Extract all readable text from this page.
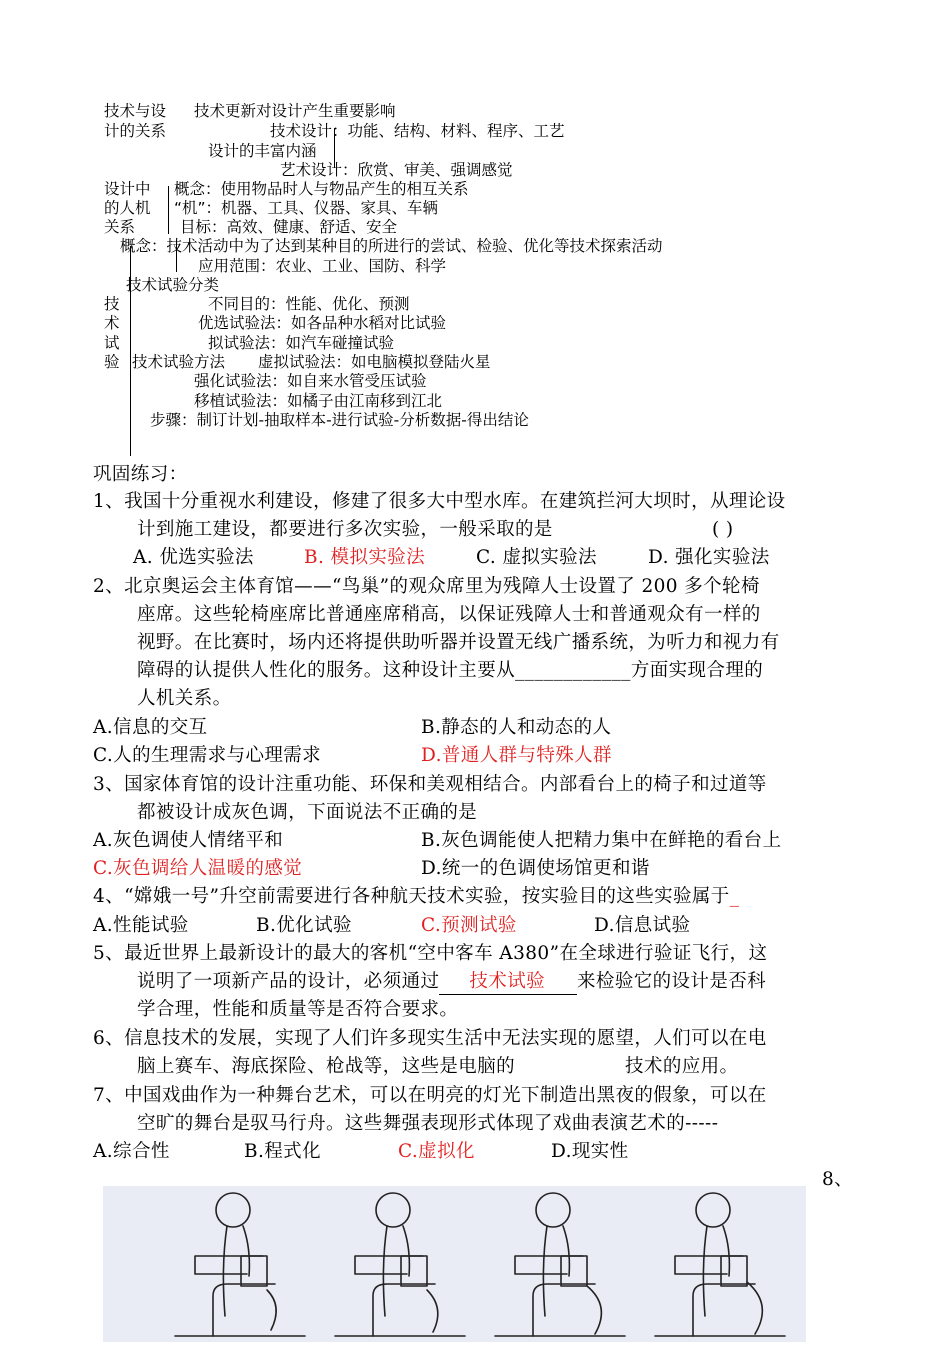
技术与设
计的关系
技术更新对设计产生重要影响
技术设计：功能、结构、材料、程序、工艺
设计的丰富内涵
艺术设计：欣赏、审美、强调感觉
设计中
的人机
关系
概念：使用物品时人与物品产生的相互关系
“机”：机器、工具、仪器、家具、车辆
目标：高效、健康、舒适、安全
概念：技术活动中为了达到某种目的所进行的尝试、检验、优化等技术探索活动
应用范围：农业、工业、国防、科学
技术试验分类
技
术
试
验
不同目的：性能、优化、预测
优选试验法：如各品种水稻对比试验
拟试验法：如汽车碰撞试验
技术试验方法 虚拟试验法：如电脑模拟登陆火星
强化试验法：如自来水管受压试验
移植试验法：如橘子由江南移到江北
步骤：制订计划-抽取样本-进行试验-分析数据-得出结论
巩固练习：
1、我国十分重视水利建设，修建了很多大中型水库。在建筑拦河大坝时，从理论设
计到施工建设，都要进行多次实验，一般采取的是	( )
A. 优选实验法	B. 模拟实验法	C. 虚拟实验法	D. 强化实验法
2、北京奥运会主体育馆——“鸟巢”的观众席里为残障人士设置了 200 多个轮椅
座席。这些轮椅座席比普通座席稍高，以保证残障人士和普通观众有一样的
视野。在比赛时，场内还将提供助听器并设置无线广播系统，为听力和视力有
障碍的认提供人性化的服务。这种设计主要从____________方面实现合理的
人机关系。
A.信息的交互	B.静态的人和动态的人
C.人的生理需求与心理需求	D.普通人群与特殊人群
3、国家体育馆的设计注重功能、环保和美观相结合。内部看台上的椅子和过道等
都被设计成灰色调，下面说法不正确的是
A.灰色调使人情绪平和	B.灰色调能使人把精力集中在鲜艳的看台上
C.灰色调给人温暖的感觉	D.统一的色调使场馆更和谐
4、“嫦娥一号”升空前需要进行各种航天技术实验，按实验目的这些实验属于_
A.性能试验	B.优化试验	C.预测试验	D.信息试验
5、最近世界上最新设计的最大的客机“空中客车 A380”在全球进行验证飞行，这
说明了一项新产品的设计，必须通过 技术试验 来检验它的设计是否科
学合理，性能和质量等是否符合要求。
6、信息技术的发展，实现了人们许多现实生活中无法实现的愿望，人们可以在电
脑上赛车、海底探险、枪战等，这些是电脑的	技术的应用。
7、中国戏曲作为一种舞台艺术，可以在明亮的灯光下制造出黑夜的假象，可以在
空旷的舞台是驭马行舟。这些舞强表现形式体现了戏曲表演艺术的-----
A.综合性	B.程式化	C.虚拟化	D.现实性
8、
